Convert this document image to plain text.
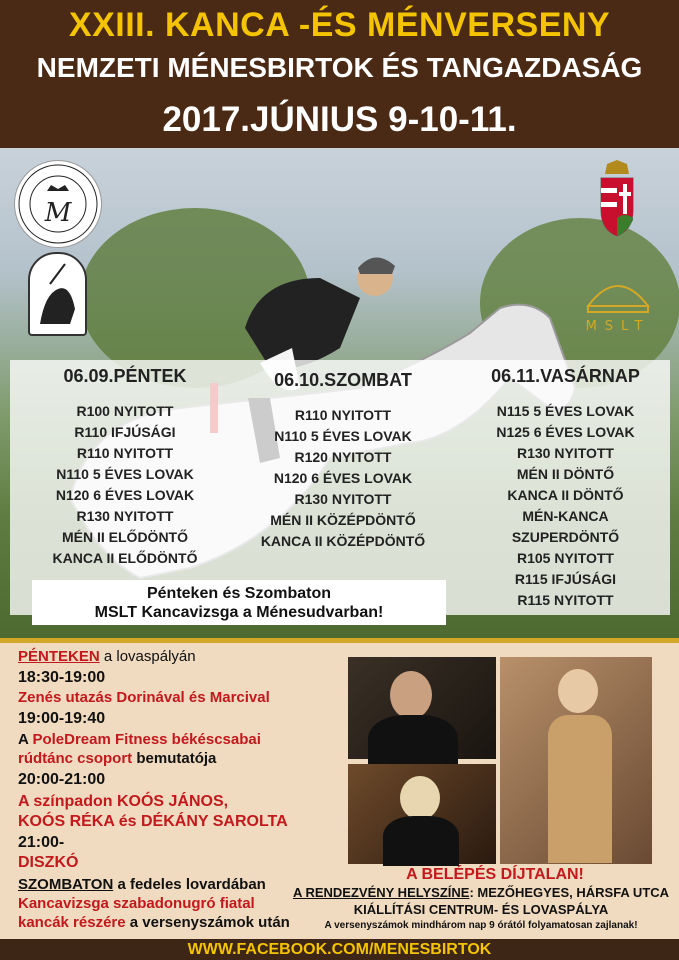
XXIII. KANCA -ÉS MÉNVERSENY
NEMZETI MÉNESBIRTOK ÉS TANGAZDASÁG
2017.JÚNIUS 9-10-11.
M
MSLT
06.09.PÉNTEK
R100 NYITOTT
R110 IFJÚSÁGI
R110 NYITOTT
N110 5 ÉVES LOVAK
N120 6 ÉVES LOVAK
R130 NYITOTT
MÉN II ELŐDÖNTŐ
KANCA II ELŐDÖNTŐ
06.10.SZOMBAT
R110 NYITOTT
N110 5 ÉVES LOVAK
R120 NYITOTT
N120 6 ÉVES LOVAK
R130 NYITOTT
MÉN II KÖZÉPDÖNTŐ
KANCA II KÖZÉPDÖNTŐ
06.11.VASÁRNAP
N115 5 ÉVES LOVAK
N125 6 ÉVES LOVAK
R130 NYITOTT
MÉN II DÖNTŐ
KANCA II DÖNTŐ
MÉN-KANCA
SZUPERDÖNTŐ
R105 NYITOTT
R115 IFJÚSÁGI
R115 NYITOTT
Pénteken és Szombaton
MSLT Kancavizsga a Ménesudvarban!
PÉNTEKEN a lovaspályán
18:30-19:00
Zenés utazás Dorinával és Marcival
19:00-19:40
A PoleDream Fitness békéscsabai
rúdtánc csoport bemutatója
20:00-21:00
A színpadon KOÓS JÁNOS,
KOÓS RÉKA és DÉKÁNY SAROLTA
21:00-
DISZKÓ
SZOMBATON a fedeles lovardában
Kancavizsga szabadonugró fiatal
kancák részére a versenyszámok után
A BELÉPÉS DÍJTALAN!
A RENDEZVÉNY HELYSZÍNE: MEZŐHEGYES, HÁRSFA UTCA
KIÁLLÍTÁSI CENTRUM- ÉS LOVASPÁLYA
A versenyszámok mindhárom nap 9 órától folyamatosan zajlanak!
WWW.FACEBOOK.COM/MENESBIRTOK
